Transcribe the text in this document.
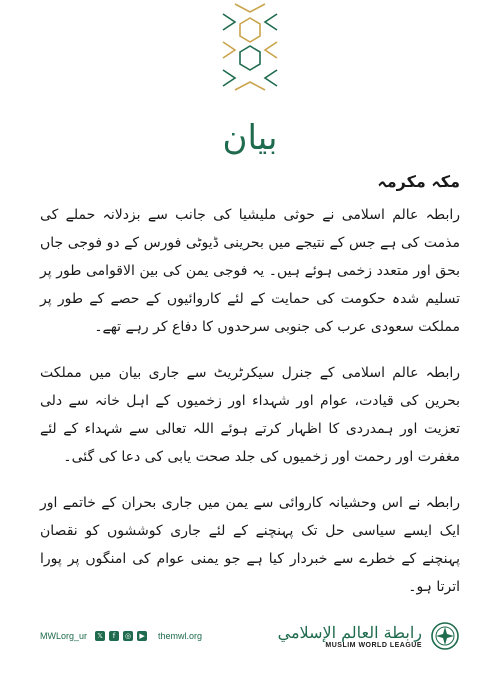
بیان
مکہ مکرمہ

رابطہ عالم اسلامی نے حوثی ملیشیا کی جانب سے بزدلانہ حملے کی مذمت کی ہے جس کے نتیجے میں بحرینی ڈیوٹی فورس کے دو فوجی جاں بحق اور متعدد زخمی ہوئے ہیں۔ یہ فوجی یمن کی بین الاقوامی طور پر تسلیم شدہ حکومت کی حمایت کے لئے کاروائیوں کے حصے کے طور پر مملکت سعودی عرب کی جنوبی سرحدوں کا دفاع کر رہے تھے۔

رابطہ عالم اسلامی کے جنرل سیکرٹریٹ سے جاری بیان میں مملکت بحرین کی قیادت، عوام اور شہداء اور زخمیوں کے اہل خانہ سے دلی تعزیت اور ہمدردی کا اظہار کرتے ہوئے اللہ تعالی سے شہداء کے لئے مغفرت اور رحمت اور زخمیوں کی جلد صحت یابی کی دعا کی گئی۔

رابطہ نے اس وحشیانہ کاروائی سے یمن میں جاری بحران کے خاتمے اور ایک ایسے سیاسی حل تک پہنچنے کے لئے جاری کوششوں کو نقصان پہنچنے کے خطرے سے خبردار کیا ہے جو یمنی عوام کی امنگوں پر پورا اترتا ہو۔

MWLorg_ur	𝕏	f	◎	▶ themwl.org	رابطة العالم الإسلامي
MUSLIM WORLD LEAGUE
